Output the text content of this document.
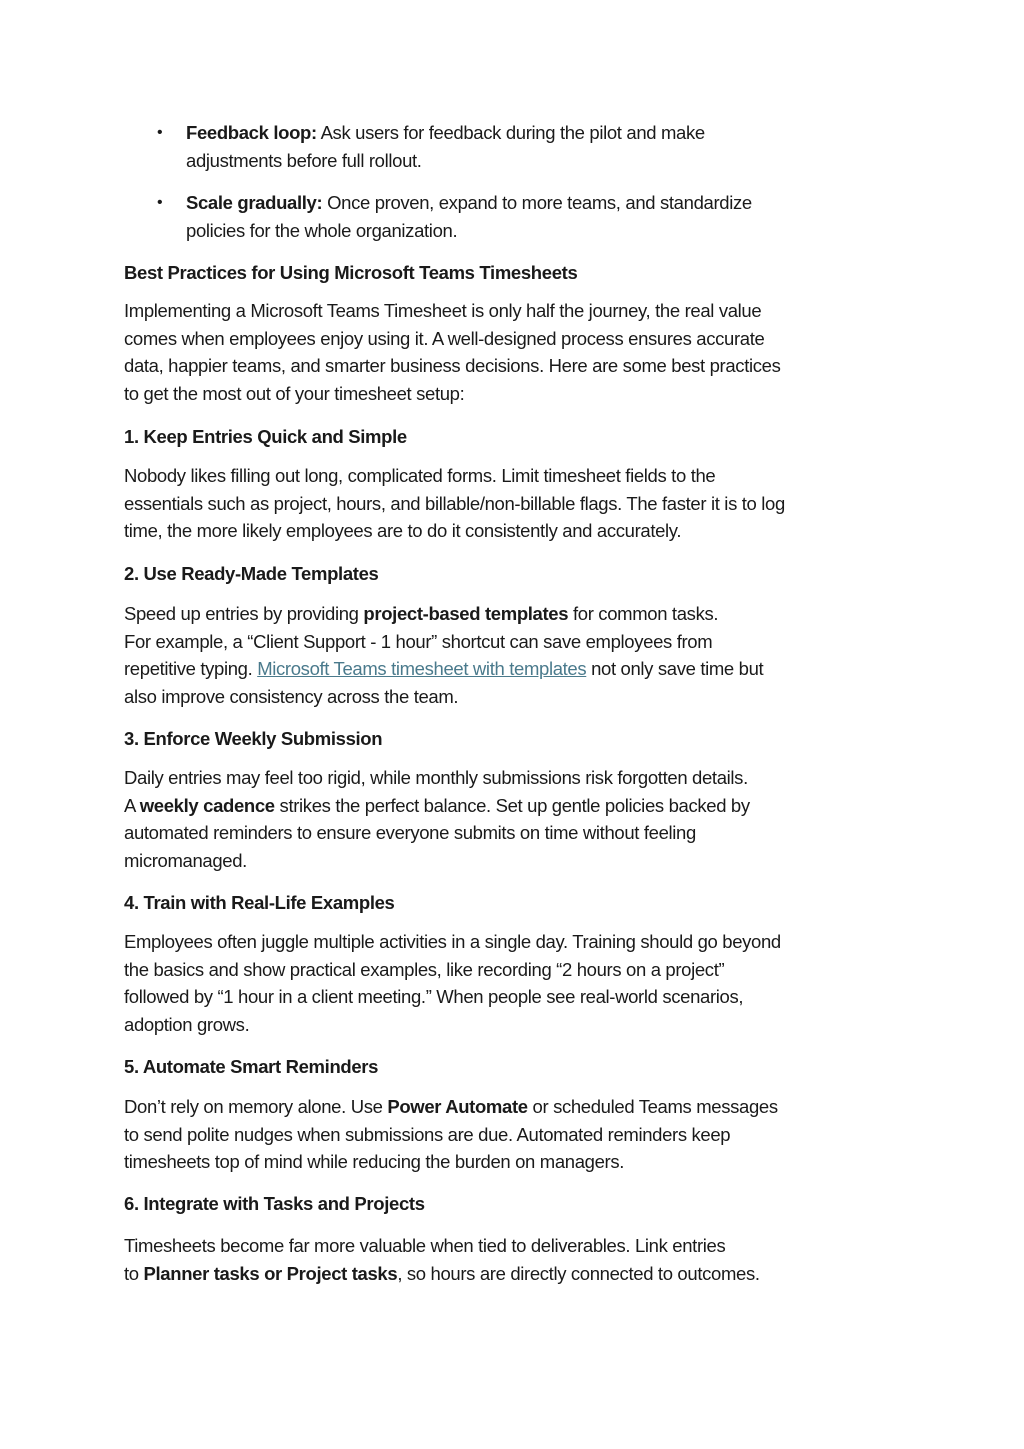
• Feedback loop: Ask users for feedback during the pilot and make
adjustments before full rollout.
• Scale gradually: Once proven, expand to more teams, and standardize
policies for the whole organization.
Best Practices for Using Microsoft Teams Timesheets
Implementing a Microsoft Teams Timesheet is only half the journey, the real value
comes when employees enjoy using it. A well-designed process ensures accurate
data, happier teams, and smarter business decisions. Here are some best practices
to get the most out of your timesheet setup:
1. Keep Entries Quick and Simple
Nobody likes filling out long, complicated forms. Limit timesheet fields to the
essentials such as project, hours, and billable/non-billable flags. The faster it is to log
time, the more likely employees are to do it consistently and accurately.
2. Use Ready-Made Templates
Speed up entries by providing project-based templates for common tasks.
For example, a “Client Support - 1 hour” shortcut can save employees from
repetitive typing. Microsoft Teams timesheet with templates not only save time but
also improve consistency across the team.
3. Enforce Weekly Submission
Daily entries may feel too rigid, while monthly submissions risk forgotten details.
A weekly cadence strikes the perfect balance. Set up gentle policies backed by
automated reminders to ensure everyone submits on time without feeling
micromanaged.
4. Train with Real-Life Examples
Employees often juggle multiple activities in a single day. Training should go beyond
the basics and show practical examples, like recording “2 hours on a project”
followed by “1 hour in a client meeting.” When people see real-world scenarios,
adoption grows.
5. Automate Smart Reminders
Don’t rely on memory alone. Use Power Automate or scheduled Teams messages
to send polite nudges when submissions are due. Automated reminders keep
timesheets top of mind while reducing the burden on managers.
6. Integrate with Tasks and Projects
Timesheets become far more valuable when tied to deliverables. Link entries
to Planner tasks or Project tasks, so hours are directly connected to outcomes.
